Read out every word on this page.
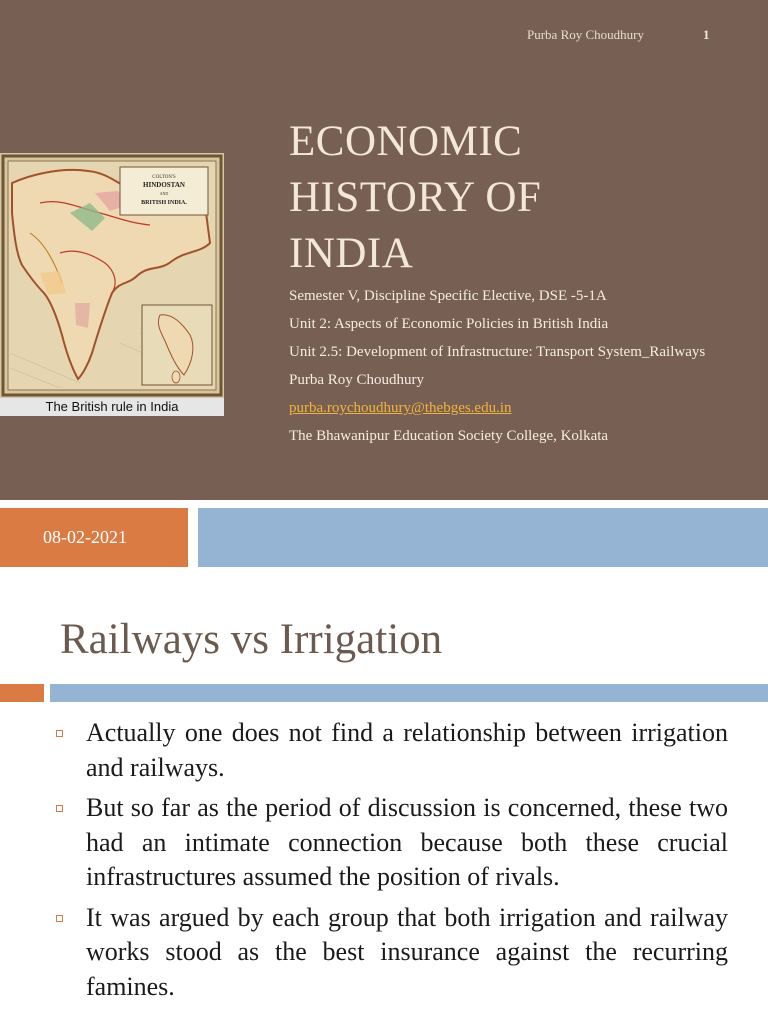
Purba Roy Choudhury	1
COLTON'S
HINDOSTAN
AND
BRITISH INDIA.
The British rule in India
ECONOMIC
HISTORY OF
INDIA

Semester V, Discipline Specific Elective, DSE -5-1A

Unit 2: Aspects of Economic Policies in British India

Unit 2.5: Development of Infrastructure: Transport System_Railways

Purba Roy Choudhury

purba.roychoudhury@thebges.edu.in

The Bhawanipur Education Society College, Kolkata

08-02-2021
Railways vs Irrigation
Actually one does not find a relationship between irrigation and railways.
But so far as the period of discussion is concerned, these two had an intimate connection because both these crucial infrastructures assumed the position of rivals.
It was argued by each group that both irrigation and railway works stood as the best insurance against the recurring famines.
